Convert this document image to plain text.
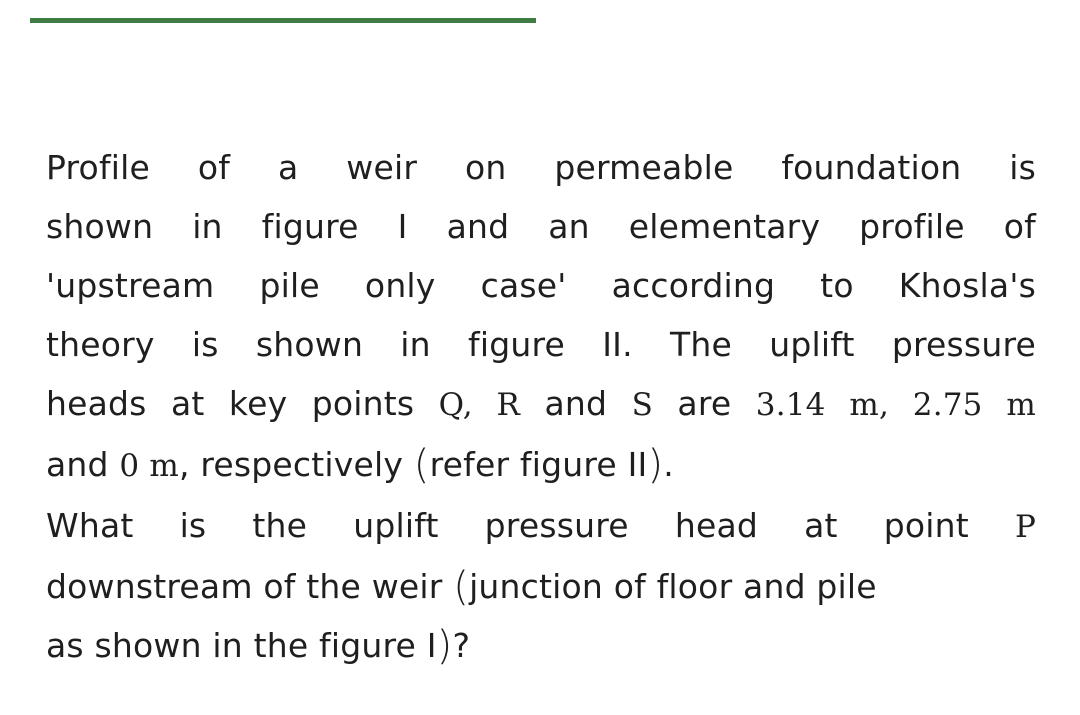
Profile of a weir on permeable foundation is
shown in figure I and an elementary profile of
'upstream pile only case' according to Khosla's
theory is shown in figure II. The uplift pressure
heads at key points Q, R and S are 3.14 m, 2.75 m
and 0 m, respectively (refer figure II).
What is the uplift pressure head at point P
downstream of the weir (junction of floor and pile
as shown in the figure I)?
